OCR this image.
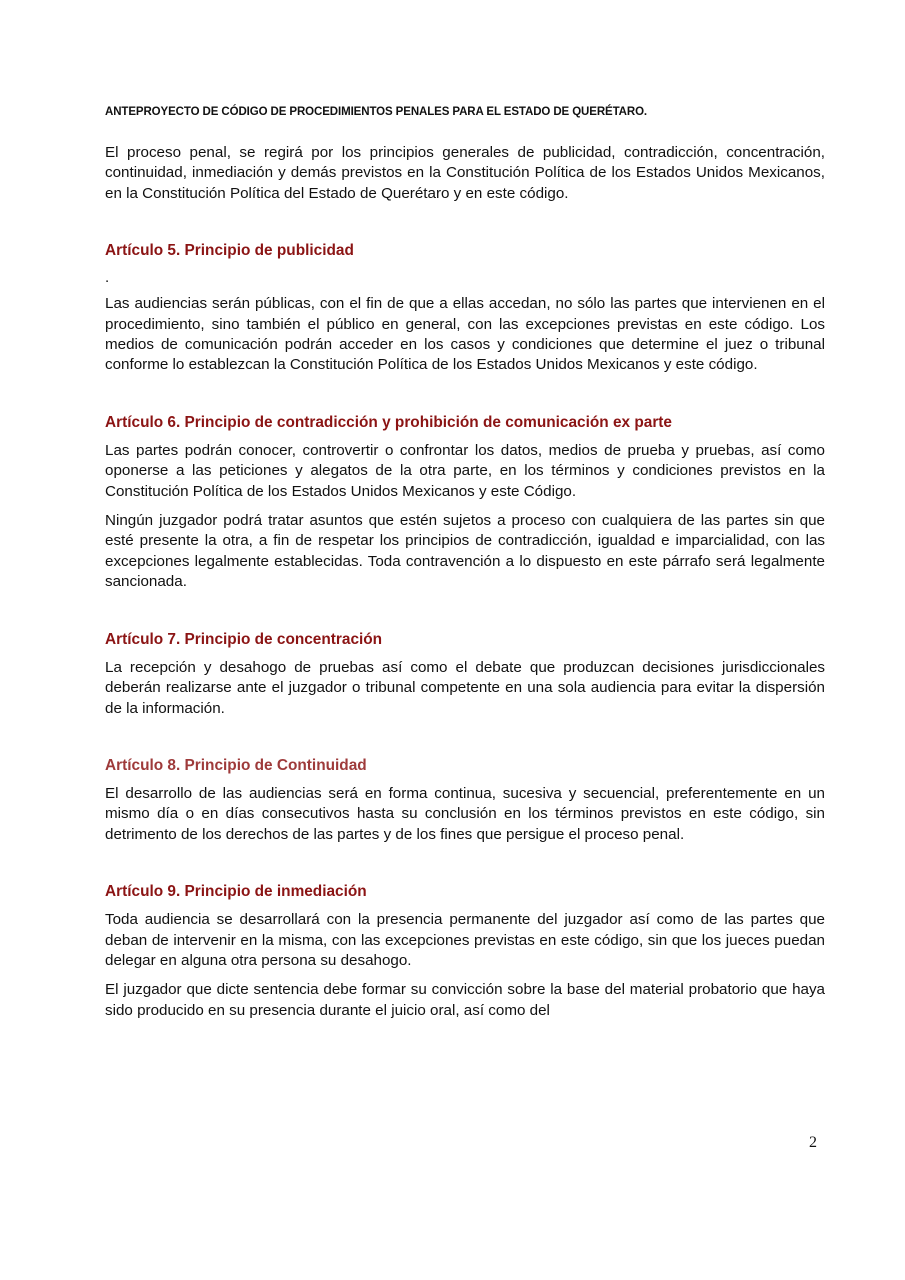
ANTEPROYECTO DE CÓDIGO DE PROCEDIMIENTOS PENALES PARA EL ESTADO DE QUERÉTARO.

El proceso penal, se regirá por los principios generales de publicidad, contradicción, concentración, continuidad, inmediación y demás previstos en la Constitución Política de los Estados Unidos Mexicanos, en la Constitución Política del Estado de Querétaro y en este código.

Artículo 5. Principio de publicidad
.

Las audiencias serán públicas, con el fin de que a ellas accedan, no sólo las partes que intervienen en el procedimiento, sino también el público en general, con las excepciones previstas en este código. Los medios de comunicación podrán acceder en los casos y condiciones que determine el juez o tribunal conforme lo establezcan la Constitución Política de los Estados Unidos Mexicanos y este código.

Artículo 6. Principio de contradicción y prohibición de comunicación ex parte

Las partes podrán conocer, controvertir o confrontar los datos, medios de prueba y pruebas, así como oponerse a las peticiones y alegatos de la otra parte, en los términos y condiciones previstos en la Constitución Política de los Estados Unidos Mexicanos y este Código.

Ningún juzgador podrá tratar asuntos que estén sujetos a proceso con cualquiera de las partes sin que esté presente la otra, a fin de respetar los principios de contradicción, igualdad e imparcialidad, con las excepciones legalmente establecidas. Toda contravención a lo dispuesto en este párrafo será legalmente sancionada.

Artículo 7. Principio de concentración

La recepción y desahogo de pruebas así como el debate que produzcan decisiones jurisdiccionales deberán realizarse ante el juzgador o tribunal competente en una sola audiencia para evitar la dispersión de la información.

Artículo 8. Principio de Continuidad

El desarrollo de las audiencias será en forma continua, sucesiva y secuencial, preferentemente en un mismo día o en días consecutivos hasta su conclusión en los términos previstos en este código, sin detrimento de los derechos de las partes y de los fines que persigue el proceso penal.

Artículo 9. Principio de inmediación

Toda audiencia se desarrollará con la presencia permanente del juzgador así como de las partes que deban de intervenir en la misma, con las excepciones previstas en este código, sin que los jueces puedan delegar en alguna otra persona su desahogo.

El juzgador que dicte sentencia debe formar su convicción sobre la base del material probatorio que haya sido producido en su presencia durante el juicio oral, así como del

2
